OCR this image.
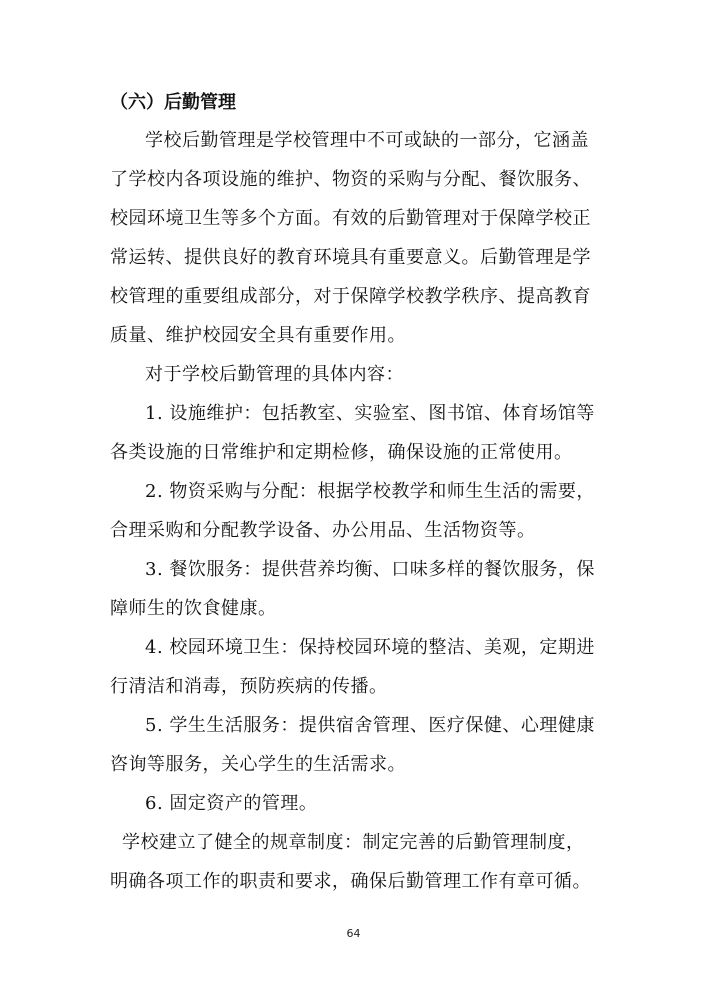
（六）后勤管理

学校后勤管理是学校管理中不可或缺的一部分，它涵盖

了学校内各项设施的维护、物资的采购与分配、餐饮服务、

校园环境卫生等多个方面。有效的后勤管理对于保障学校正

常运转、提供良好的教育环境具有重要意义。后勤管理是学

校管理的重要组成部分，对于保障学校教学秩序、提高教育

质量、维护校园安全具有重要作用。

对于学校后勤管理的具体内容：

1. 设施维护：包括教室、实验室、图书馆、体育场馆等

各类设施的日常维护和定期检修，确保设施的正常使用。

2. 物资采购与分配：根据学校教学和师生生活的需要，

合理采购和分配教学设备、办公用品、生活物资等。

3. 餐饮服务：提供营养均衡、口味多样的餐饮服务，保

障师生的饮食健康。

4. 校园环境卫生：保持校园环境的整洁、美观，定期进

行清洁和消毒，预防疾病的传播。

5. 学生生活服务：提供宿舍管理、医疗保健、心理健康

咨询等服务，关心学生的生活需求。

6. 固定资产的管理。

学校建立了健全的规章制度：制定完善的后勤管理制度，

明确各项工作的职责和要求，确保后勤管理工作有章可循。

64
